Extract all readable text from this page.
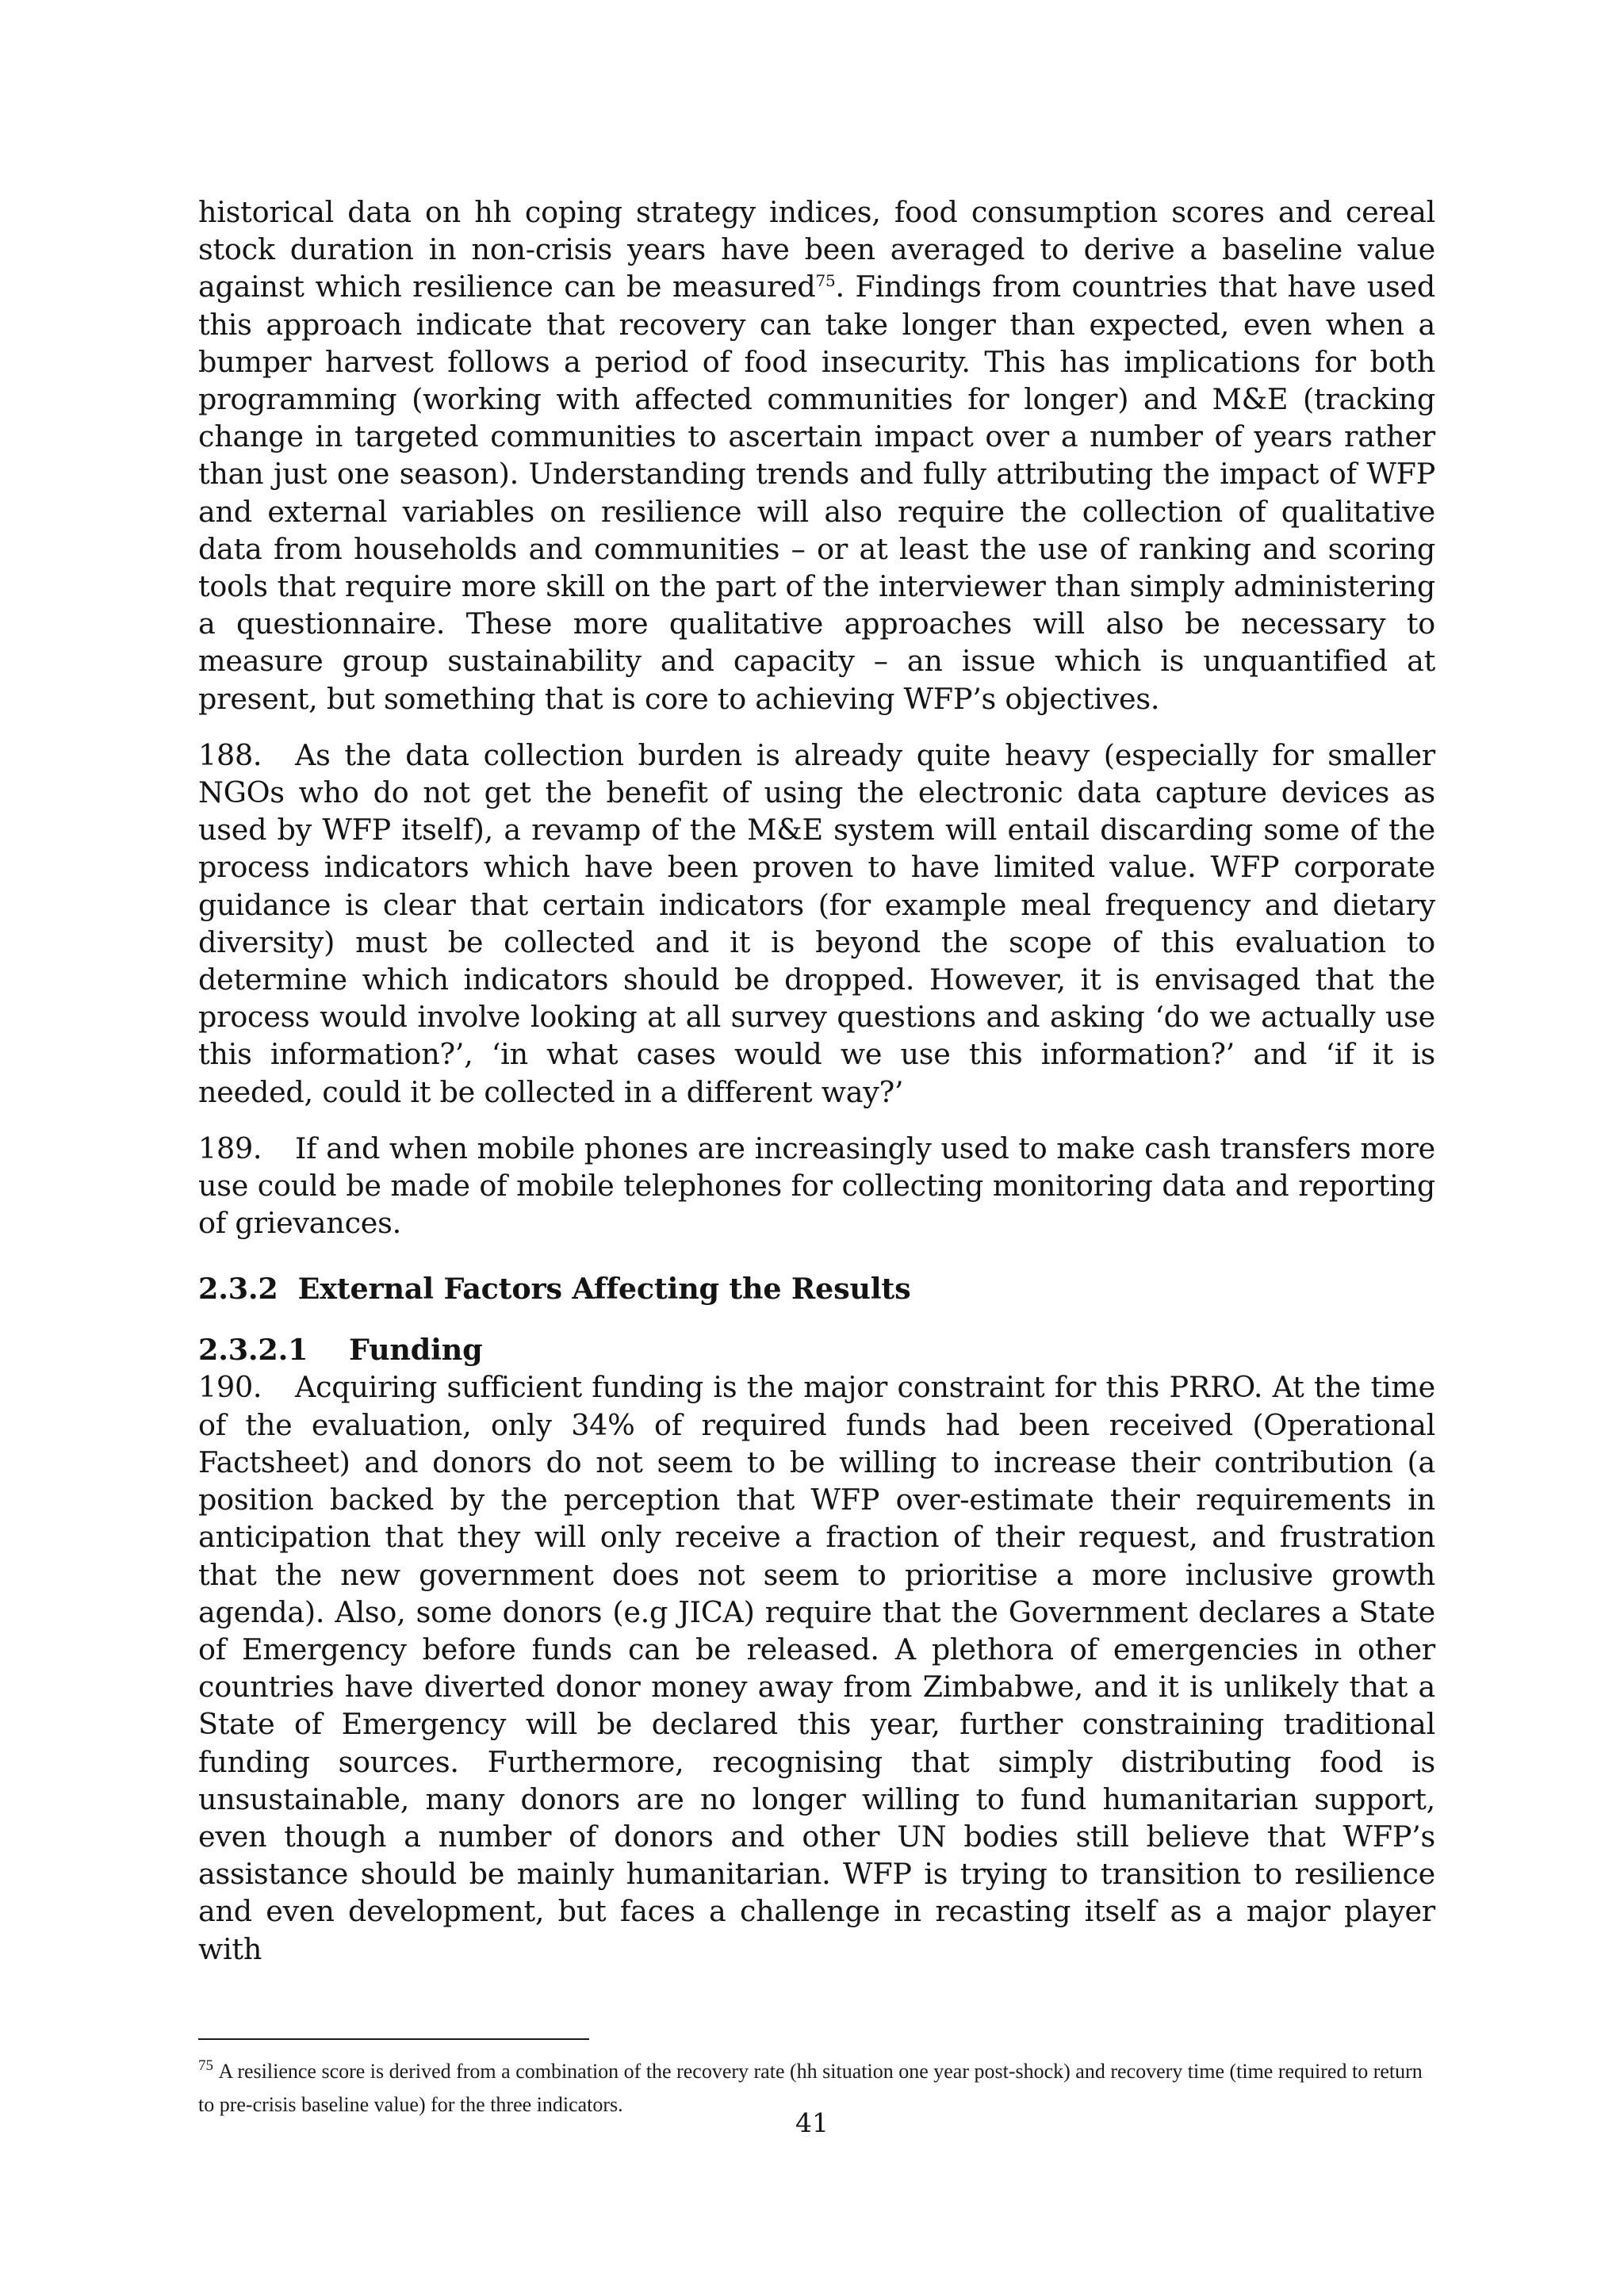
historical data on hh coping strategy indices, food consumption scores and cereal stock duration in non-crisis years have been averaged to derive a baseline value against which resilience can be measured$^{75}$. Findings from countries that have used this approach indicate that recovery can take longer than expected, even when a bumper harvest follows a period of food insecurity. This has implications for both programming (working with affected communities for longer) and M&E (tracking change in targeted communities to ascertain impact over a number of years rather than just one season). Understanding trends and fully attributing the impact of WFP and external variables on resilience will also require the collection of qualitative data from households and communities – or at least the use of ranking and scoring tools that require more skill on the part of the interviewer than simply administering a questionnaire. These more qualitative approaches will also be necessary to measure group sustainability and capacity – an issue which is unquantified at present, but something that is core to achieving WFP’s objectives.

188. As the data collection burden is already quite heavy (especially for smaller NGOs who do not get the benefit of using the electronic data capture devices as used by WFP itself), a revamp of the M&E system will entail discarding some of the process indicators which have been proven to have limited value. WFP corporate guidance is clear that certain indicators (for example meal frequency and dietary diversity) must be collected and it is beyond the scope of this evaluation to determine which indicators should be dropped. However, it is envisaged that the process would involve looking at all survey questions and asking ‘do we actually use this information?’, ‘in what cases would we use this information?’ and ‘if it is needed, could it be collected in a different way?’

189. If and when mobile phones are increasingly used to make cash transfers more use could be made of mobile telephones for collecting monitoring data and reporting of grievances.

2.3.2 External Factors Affecting the Results
2.3.2.1 Funding

190. Acquiring sufficient funding is the major constraint for this PRRO. At the time of the evaluation, only 34% of required funds had been received (Operational Factsheet) and donors do not seem to be willing to increase their contribution (a position backed by the perception that WFP over-estimate their requirements in anticipation that they will only receive a fraction of their request, and frustration that the new government does not seem to prioritise a more inclusive growth agenda). Also, some donors (e.g JICA) require that the Government declares a State of Emergency before funds can be released. A plethora of emergencies in other countries have diverted donor money away from Zimbabwe, and it is unlikely that a State of Emergency will be declared this year, further constraining traditional funding sources. Furthermore, recognising that simply distributing food is unsustainable, many donors are no longer willing to fund humanitarian support, even though a number of donors and other UN bodies still believe that WFP’s assistance should be mainly humanitarian. WFP is trying to transition to resilience and even development, but faces a challenge in recasting itself as a major player with

$^{75}$ A resilience score is derived from a combination of the recovery rate (hh situation one year post-shock) and recovery time (time required to return to pre-crisis baseline value) for the three indicators.
41
